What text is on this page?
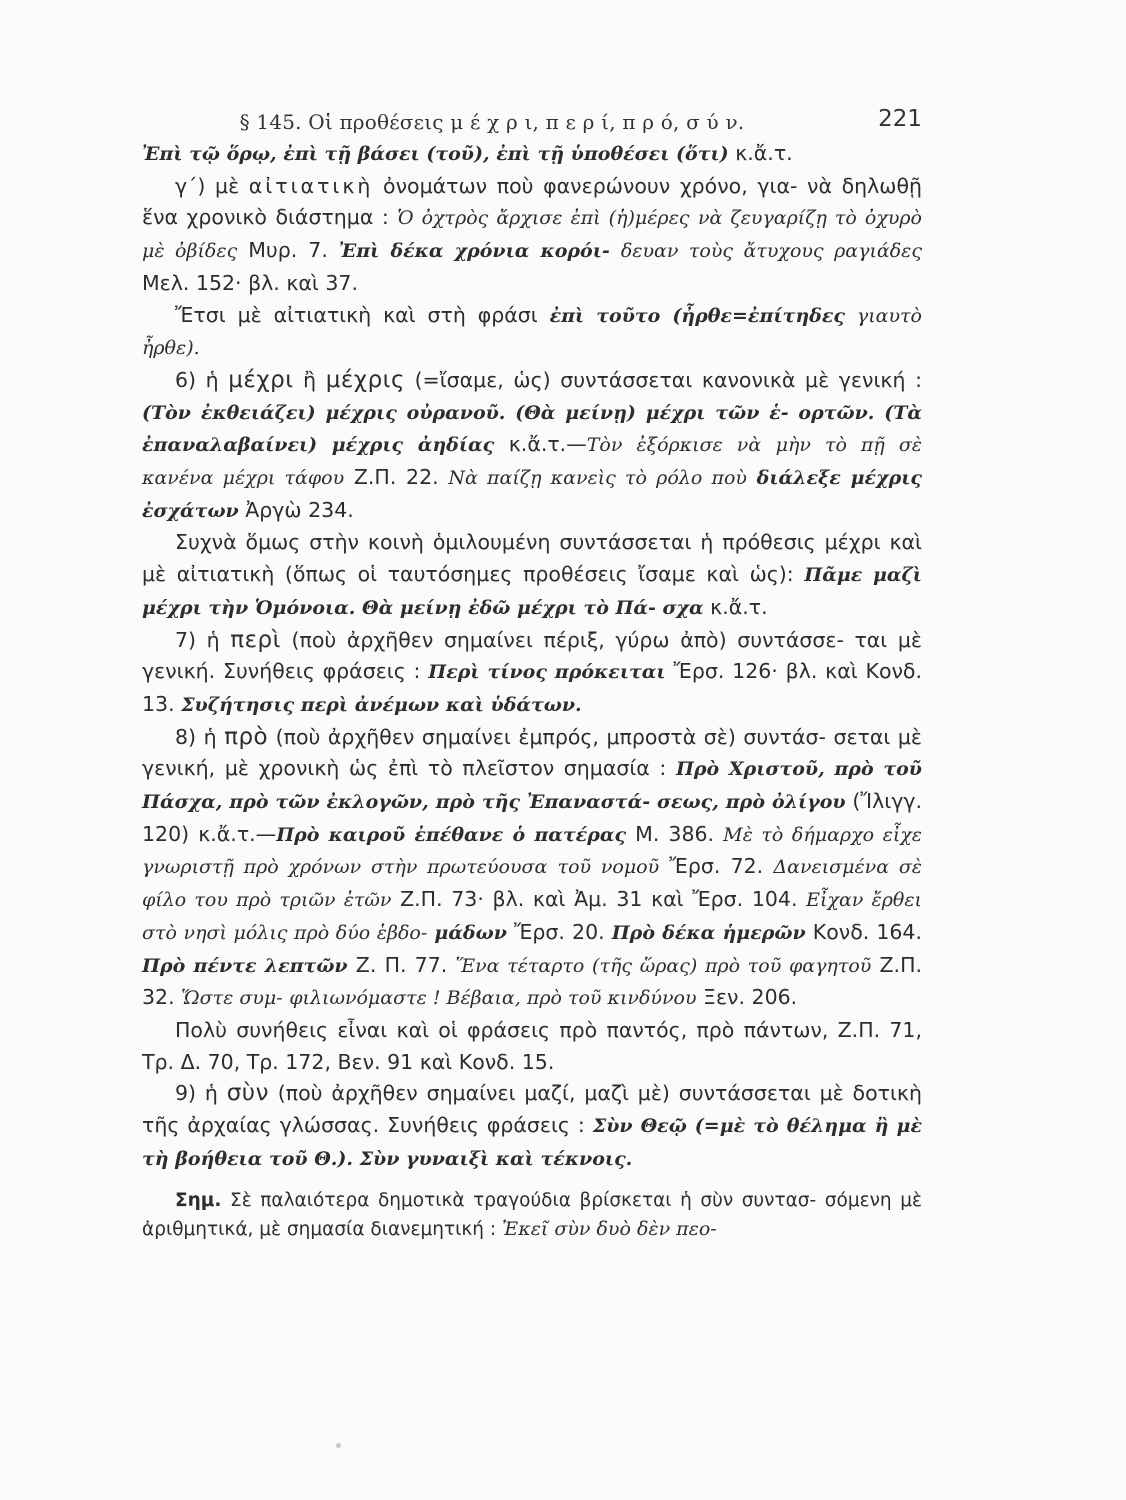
§ 145. Οἱ προθέσεις μ έ χ ρ ι, π ε ρ ί, π ρ ό, σ ύ ν.	221

Ἐπὶ τῷ ὅρῳ, ἐπὶ τῇ βάσει (τοῦ), ἐπὶ τῇ ὑποθέσει (ὅτι) κ.ἄ.τ.

γ΄) μὲ αἰτιατικὴ ὀνομάτων ποὺ φανερώνουν χρόνο, για- νὰ δηλωθῇ ἕνα χρονικὸ διάστημα : Ὁ ὀχτρὸς ἄρχισε ἐπὶ (ἡ)μέρες νὰ ζευγαρίζῃ τὸ ὀχυρὸ μὲ ὀβίδες Μυρ. 7. Ἐπὶ δέκα χρόνια κορόι- δευαν τοὺς ἄτυχους ραγιάδες Μελ. 152· βλ. καὶ 37.

Ἔτσι μὲ αἰτιατικὴ καὶ στὴ φράσι ἐπὶ τοῦτο (ἦρθε=ἐπίτηδες γιαυτὸ ἦρθε).

6) ἡ μέχρι ἢ μέχρις (=ἴσαμε, ὡς) συντάσσεται κανονικὰ μὲ γενική : (Τὸν ἐκθειάζει) μέχρις οὐρανοῦ. (Θὰ μείνῃ) μέχρι τῶν ἑ- ορτῶν. (Τὰ ἐπαναλαβαίνει) μέχρις ἀηδίας κ.ἄ.τ.—Τὸν ἐξόρκισε νὰ μὴν τὸ πῇ σὲ κανένα μέχρι τάφου Ζ.Π. 22. Νὰ παίζῃ κανεὶς τὸ ρόλο ποὺ διάλεξε μέχρις ἐσχάτων Ἀργὼ 234.

Συχνὰ ὅμως στὴν κοινὴ ὁμιλουμένη συντάσσεται ἡ πρόθεσις μέχρι καὶ μὲ αἰτιατικὴ (ὅπως οἱ ταυτόσημες προθέσεις ἴσαμε καὶ ὡς): Πᾶμε μαζὶ μέχρι τὴν Ὁμόνοια. Θὰ μείνῃ ἐδῶ μέχρι τὸ Πά- σχα κ.ἄ.τ.

7) ἡ περὶ (ποὺ ἀρχῆθεν σημαίνει πέριξ, γύρω ἀπὸ) συντάσσε- ται μὲ γενική. Συνήθεις φράσεις : Περὶ τίνος πρόκειται Ἔρσ. 126· βλ. καὶ Κονδ. 13. Συζήτησις περὶ ἀνέμων καὶ ὑδάτων.

8) ἡ πρὸ (ποὺ ἀρχῆθεν σημαίνει ἐμπρός, μπροστὰ σὲ) συντάσ- σεται μὲ γενική, μὲ χρονικὴ ὡς ἐπὶ τὸ πλεῖστον σημασία : Πρὸ Χριστοῦ, πρὸ τοῦ Πάσχα, πρὸ τῶν ἐκλογῶν, πρὸ τῆς Ἐπαναστά- σεως, πρὸ ὀλίγου (Ἴλιγγ. 120) κ.ἄ.τ.—Πρὸ καιροῦ ἐπέθανε ὁ πατέρας Μ. 386. Μὲ τὸ δήμαρχο εἶχε γνωριστῇ πρὸ χρόνων στὴν πρωτεύουσα τοῦ νομοῦ Ἔρσ. 72. Δανεισμένα σὲ φίλο του πρὸ τριῶν ἐτῶν Ζ.Π. 73· βλ. καὶ Ἀμ. 31 καὶ Ἔρσ. 104. Εἶχαν ἔρθει στὸ νησὶ μόλις πρὸ δύο ἑβδο- μάδων Ἔρσ. 20. Πρὸ δέκα ἡμερῶν Κονδ. 164. Πρὸ πέντε λεπτῶν Ζ. Π. 77. Ἕνα τέταρτο (τῆς ὥρας) πρὸ τοῦ φαγητοῦ Ζ.Π. 32. Ὥστε συμ- φιλιωνόμαστε ! Βέβαια, πρὸ τοῦ κινδύνου Ξεν. 206.

Πολὺ συνήθεις εἶναι καὶ οἱ φράσεις πρὸ παντός, πρὸ πάντων, Ζ.Π. 71, Τρ. Δ. 70, Τρ. 172, Βεν. 91 καὶ Κονδ. 15.

9) ἡ σὺν (ποὺ ἀρχῆθεν σημαίνει μαζί, μαζὶ μὲ) συντάσσεται μὲ δοτικὴ τῆς ἀρχαίας γλώσσας. Συνήθεις φράσεις : Σὺν Θεῷ (=μὲ τὸ θέλημα ἢ μὲ τὴ βοήθεια τοῦ Θ.). Σὺν γυναιξὶ καὶ τέκνοις.

Σημ. Σὲ παλαιότερα δημοτικὰ τραγούδια βρίσκεται ἡ σὺν συντασ- σόμενη μὲ ἀριθμητικά, μὲ σημασία διανεμητική : Ἐκεῖ σὺν δυὸ δὲν πεο-
